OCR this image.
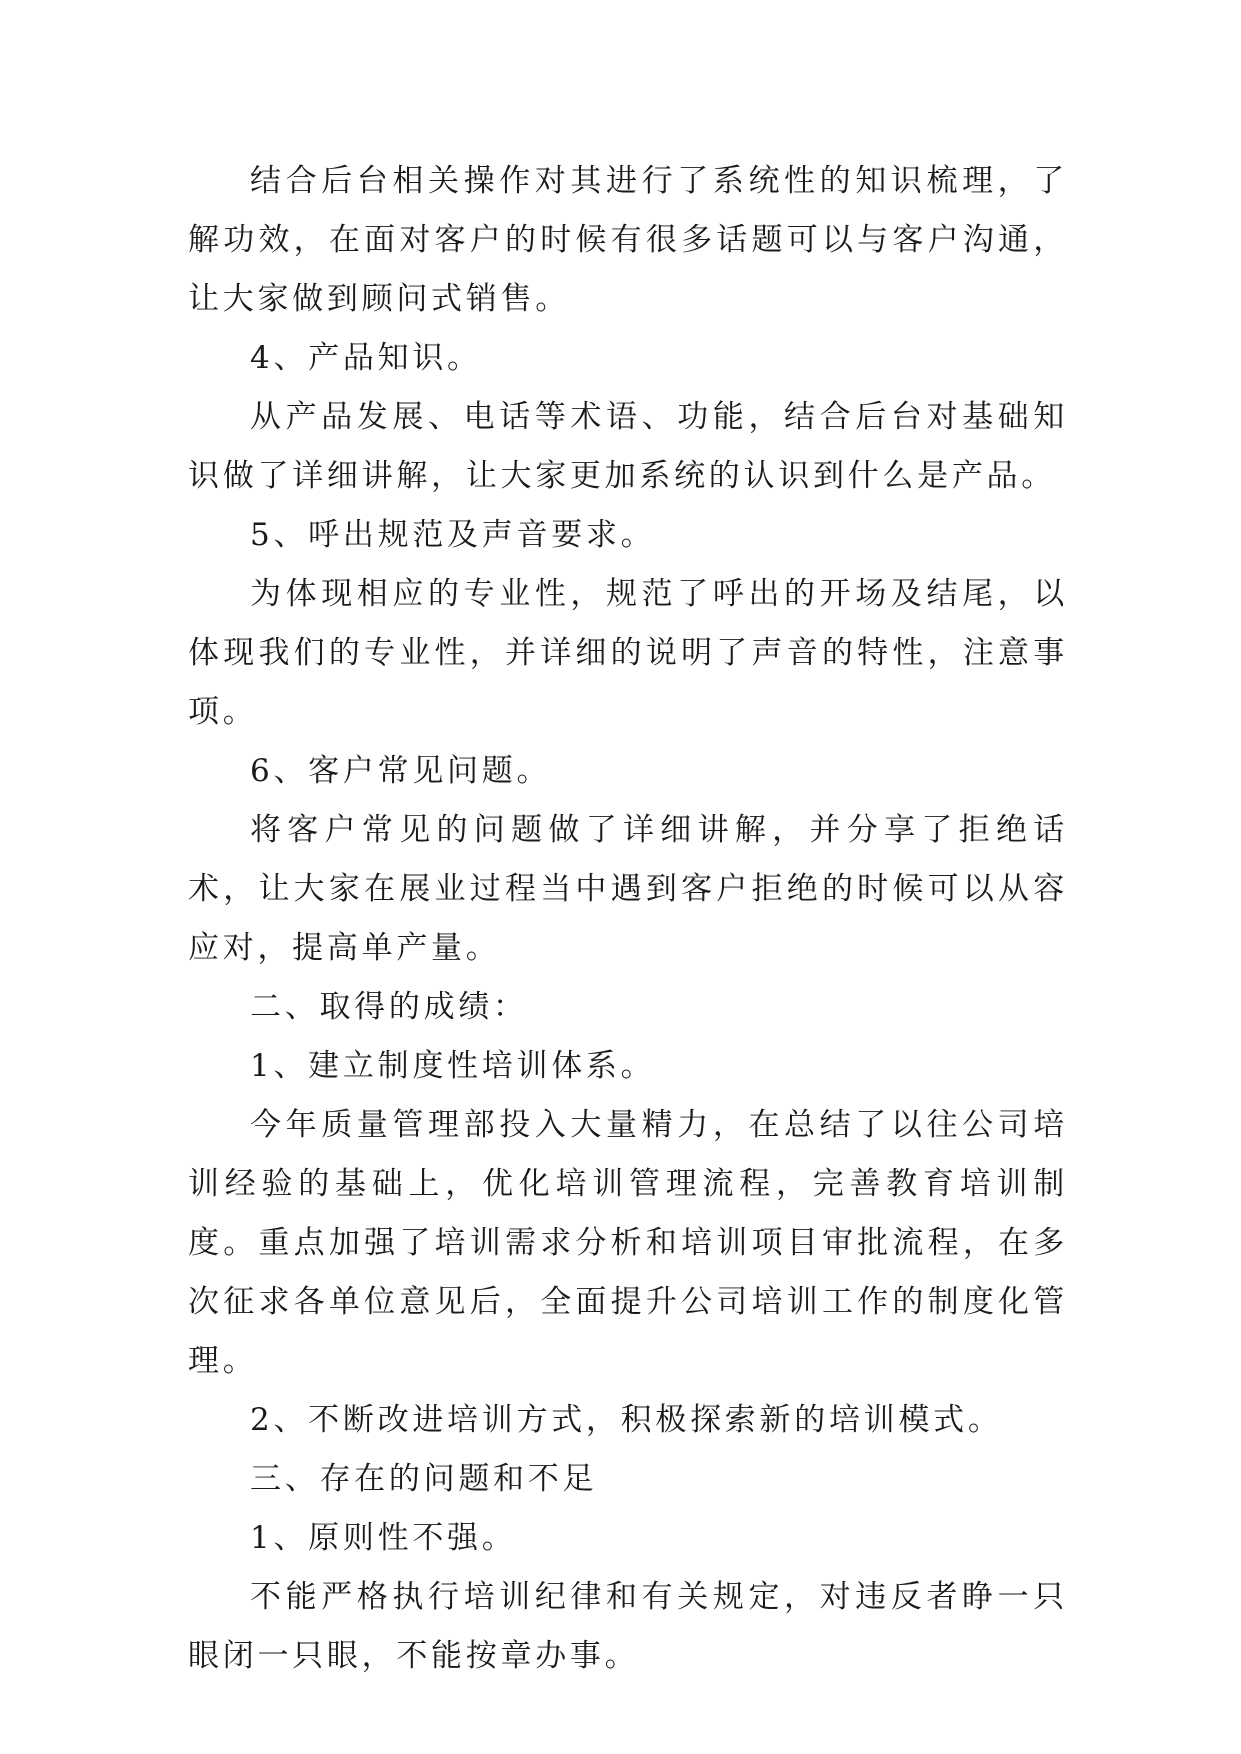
结合后台相关操作对其进行了系统性的知识梳理，了解功效，在面对客户的时候有很多话题可以与客户沟通，让大家做到顾问式销售。

4、产品知识。

从产品发展、电话等术语、功能，结合后台对基础知识做了详细讲解，让大家更加系统的认识到什么是产品。

5、呼出规范及声音要求。

为体现相应的专业性，规范了呼出的开场及结尾，以体现我们的专业性，并详细的说明了声音的特性，注意事项。

6、客户常见问题。

将客户常见的问题做了详细讲解，并分享了拒绝话术，让大家在展业过程当中遇到客户拒绝的时候可以从容应对，提高单产量。

二、取得的成绩：

1、建立制度性培训体系。

今年质量管理部投入大量精力，在总结了以往公司培训经验的基础上，优化培训管理流程，完善教育培训制度。重点加强了培训需求分析和培训项目审批流程，在多次征求各单位意见后，全面提升公司培训工作的制度化管理。

2、不断改进培训方式，积极探索新的培训模式。

三、存在的问题和不足

1、原则性不强。

不能严格执行培训纪律和有关规定，对违反者睁一只眼闭一只眼，不能按章办事。
